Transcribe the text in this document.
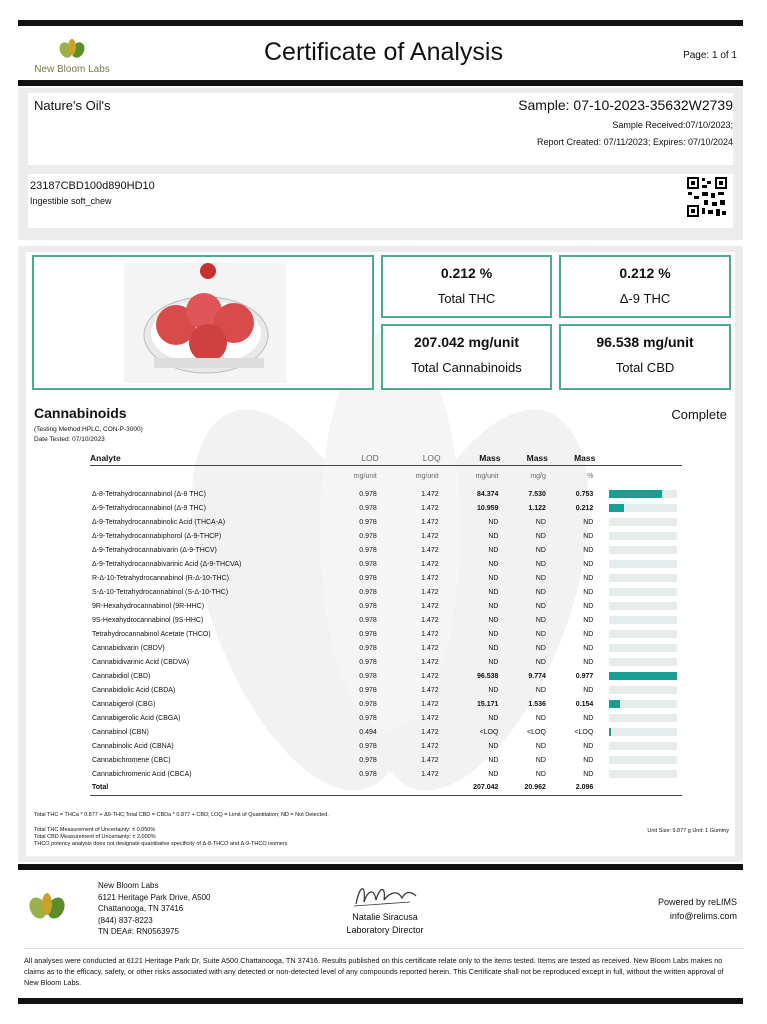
New Bloom Labs
Certificate of Analysis	Page: 1 of 1
Nature's Oil's	Sample: 07-10-2023-35632W2739
Sample Received:07/10/2023;
Report Created: 07/11/2023; Expires: 07/10/2024
23187CBD100d890HD10
Ingestible soft_chew
0.212 %
Total THC
0.212 %
Δ-9 THC
207.042 mg/unit
Total Cannabinoids
96.538 mg/unit
Total CBD
Cannabinoids	Complete
(Testing Method:HPLC, CON-P-3000)
Date Tested: 07/10/2023
Analyte	LOD	LOQ	Mass	Mass	Mass	
	mg/unit	mg/unit	mg/unit	mg/g	%	
Δ-8-Tetrahydrocannabinol (Δ-8 THC)	0.978	1.472	84.374	7.530	0.753	

Δ-9-Tetrahydrocannabinol (Δ-9 THC)	0.978	1.472	10.959	1.122	0.212	

Δ-9-Tetrahydrocannabinolic Acid (THCA-A)	0.978	1.472	ND	ND	ND	

Δ-9-Tetrahydrocannabiphorol (Δ-9-THCP)	0.978	1.472	ND	ND	ND	

Δ-9-Tetrahydrocannabivarin (Δ-9-THCV)	0.978	1.472	ND	ND	ND	

Δ-9-Tetrahydrocannabivarinic Acid (Δ-9-THCVA)	0.978	1.472	ND	ND	ND	

R-Δ-10-Tetrahydrocannabinol (R-Δ-10-THC)	0.978	1.472	ND	ND	ND	

S-Δ-10-Tetrahydrocannabinol (S-Δ-10-THC)	0.978	1.472	ND	ND	ND	

9R-Hexahydrocannabinol (9R-HHC)	0.978	1.472	ND	ND	ND	

9S-Hexahydrocannabinol (9S-HHC)	0.978	1.472	ND	ND	ND	

Tetrahydrocannabinol Acetate (THCO)	0.978	1.472	ND	ND	ND	

Cannabidivarin (CBDV)	0.978	1.472	ND	ND	ND	

Cannabidivarinic Acid (CBDVA)	0.978	1.472	ND	ND	ND	

Cannabidiol (CBD)	0.978	1.472	96.538	9.774	0.977	

Cannabidiolic Acid (CBDA)	0.978	1.472	ND	ND	ND	

Cannabigerol (CBG)	0.978	1.472	15.171	1.536	0.154	

Cannabigerolic Acid (CBGA)	0.978	1.472	ND	ND	ND	

Cannabinol (CBN)	0.494	1.472	<LOQ	<LOQ	<LOQ	

Cannabinolic Acid (CBNA)	0.978	1.472	ND	ND	ND	

Cannabichromene (CBC)	0.978	1.472	ND	ND	ND	

Cannabichromenic Acid (CBCA)	0.978	1.472	ND	ND	ND	

Total			207.042	20.962	2.096	
Total THC = THCa * 0.877 + Δ9-THC;Total CBD = CBDa * 0.877 + CBD; LOQ = Limit of Quantitation; ND = Not Detected.
Total THC Measurement of Uncertainty: ± 0.050%
Total CBD Measurement of Uncertainty: ± 2.000%
THCO potency analysis does not designate quantitative specificity of Δ-8-THCO and Δ-9-THCO isomers
Unit Size: 9.877 g Unit: 1 Gummy
New Bloom Labs
6121 Heritage Park Drive, A500
Chattanooga, TN 37416
(844) 837-8223
TN DEA#: RN0563975
Natalie Siracusa
Laboratory Director
Powered by reLIMS
info@relims.com
All analyses were conducted at 6121 Heritage Park Dr, Suite A500 Chattanooga, TN 37416. Results published on this certificate relate only to the items tested. Items are tested as received. New Bloom Labs makes no claims as to the efficacy, safety, or other risks associated with any detected or non-detected level of any compounds reported herein. This Certificate shall not be reproduced except in full, without the written approval of New Bloom Labs.
